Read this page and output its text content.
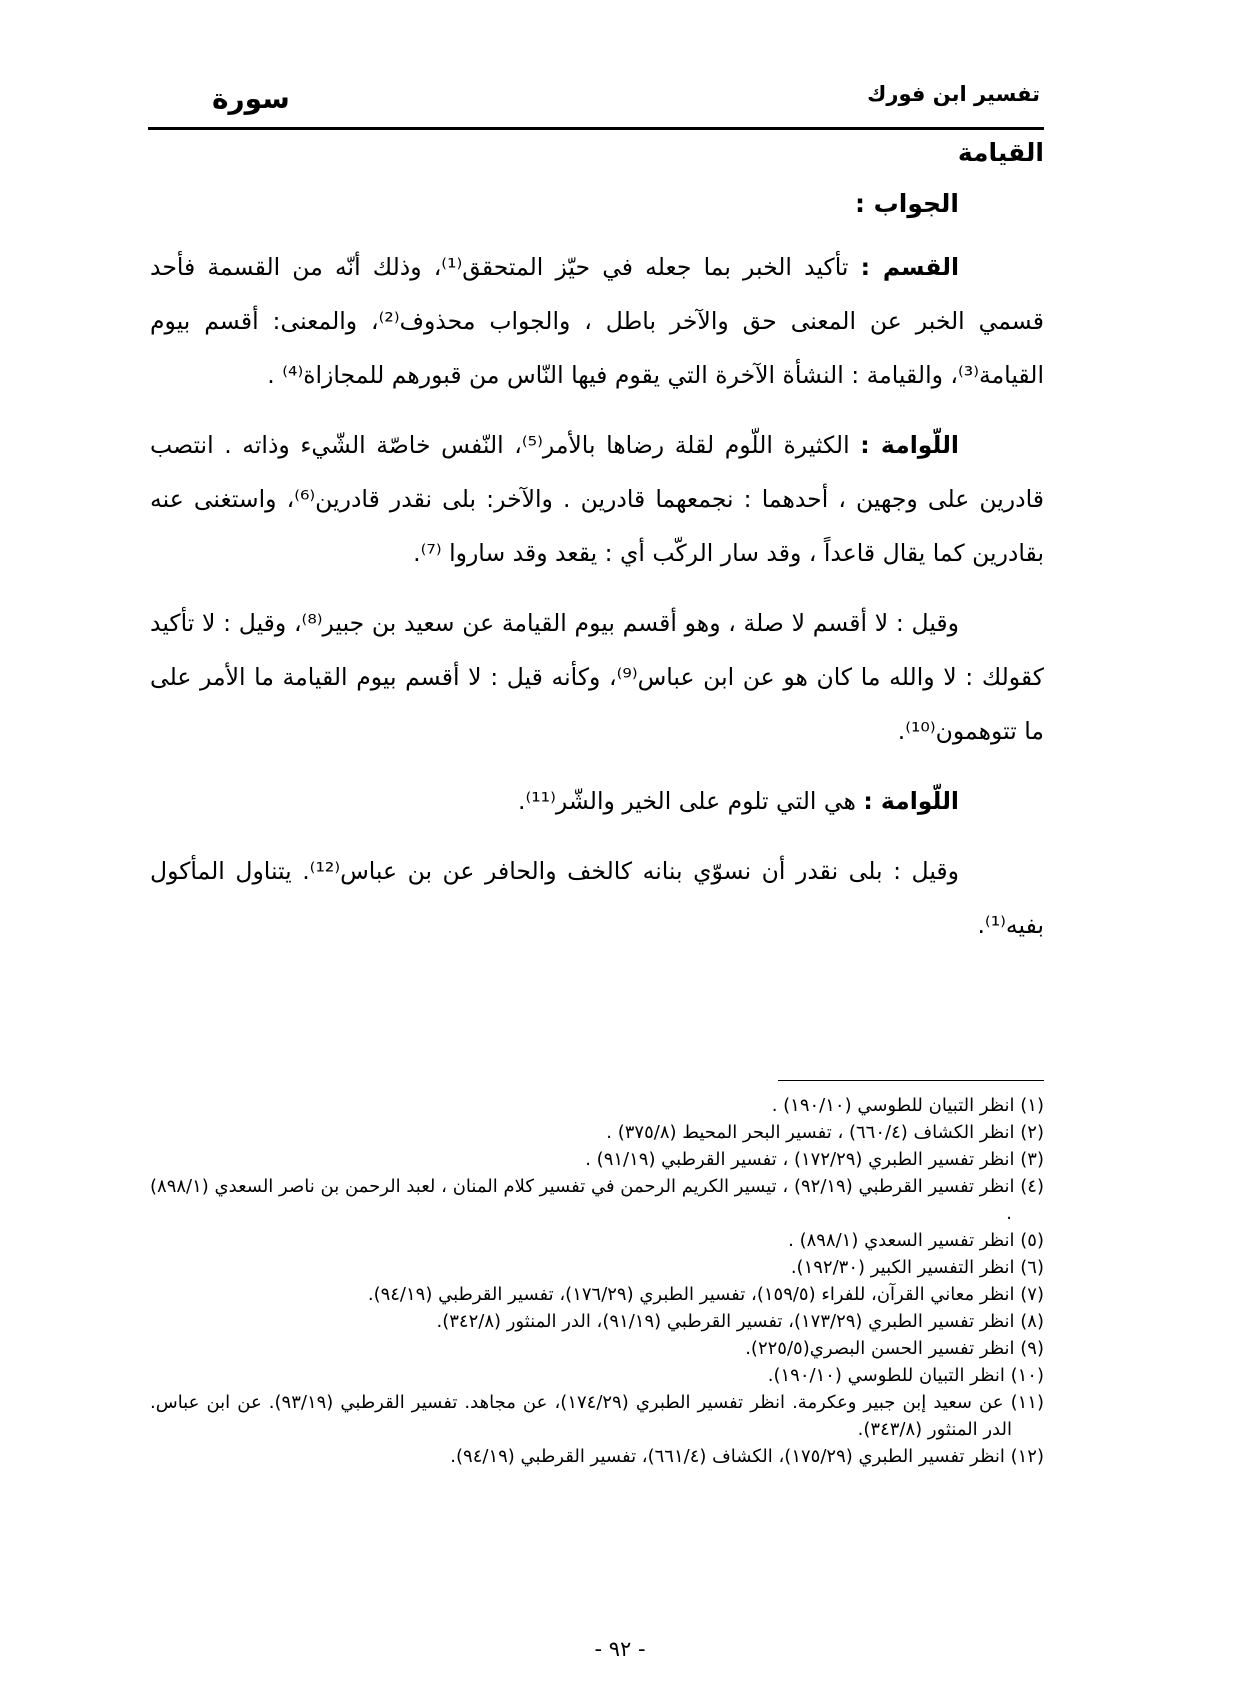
تفسير ابن فورك
سورة
القيامة
الجواب :

القسم : تأكيد الخبر بما جعله في حيّز المتحقق⁽¹⁾، وذلك أنّه من القسمة فأحد قسمي الخبر عن المعنى حق والآخر باطل ، والجواب محذوف⁽²⁾، والمعنى: أقسم بيوم القيامة⁽³⁾، والقيامة : النشأة الآخرة التي يقوم فيها النّاس من قبورهم للمجازاة⁽⁴⁾ .

اللّوامة : الكثيرة اللّوم لقلة رضاها بالأمر⁽⁵⁾، النّفس خاصّة الشّيء وذاته . انتصب قادرين على وجهين ، أحدهما : نجمعهما قادرين . والآخر: بلى نقدر قادرين⁽⁶⁾، واستغنى عنه بقادرين كما يقال قاعداً ، وقد سار الركّب أي : يقعد وقد ساروا ⁽⁷⁾.

وقيل : لا أقسم لا صلة ، وهو أقسم بيوم القيامة عن سعيد بن جبير⁽⁸⁾، وقيل : لا تأكيد كقولك : لا والله ما كان هو عن ابن عباس⁽⁹⁾، وكأنه قيل : لا أقسم بيوم القيامة ما الأمر على ما تتوهمون⁽¹⁰⁾.

اللّوامة : هي التي تلوم على الخير والشّر⁽¹¹⁾.

وقيل : بلى نقدر أن نسوّي بنانه كالخف والحافر عن بن عباس⁽¹²⁾. يتناول المأكول بفيه⁽¹⁾.

(١) انظر التبيان للطوسي (١٩٠/١٠) .
(٢) انظر الكشاف (٦٦٠/٤) ، تفسير البحر المحيط (٣٧٥/٨) .
(٣) انظر تفسير الطبري (١٧٢/٢٩) ، تفسير القرطبي (٩١/١٩) .
(٤) انظر تفسير القرطبي (٩٢/١٩) ، تيسير الكريم الرحمن في تفسير كلام المنان ، لعبد الرحمن بن ناصر السعدي (٨٩٨/١) .
(٥) انظر تفسير السعدي (٨٩٨/١) .
(٦) انظر التفسير الكبير (١٩٢/٣٠).
(٧) انظر معاني القرآن، للفراء (١٥٩/٥)، تفسير الطبري (١٧٦/٢٩)، تفسير القرطبي (٩٤/١٩).
(٨) انظر تفسير الطبري (١٧٣/٢٩)، تفسير القرطبي (٩١/١٩)، الدر المنثور (٣٤٢/٨).
(٩) انظر تفسير الحسن البصري(٢٢٥/٥).
(١٠) انظر التبيان للطوسي (١٩٠/١٠).
(١١) عن سعيد إبن جبير وعكرمة. انظر تفسير الطبري (١٧٤/٢٩)، عن مجاهد. تفسير القرطبي (٩٣/١٩). عن ابن عباس. الدر المنثور (٣٤٣/٨).
(١٢) انظر تفسير الطبري (١٧٥/٢٩)، الكشاف (٦٦١/٤)، تفسير القرطبي (٩٤/١٩).
- ٩٢ -
